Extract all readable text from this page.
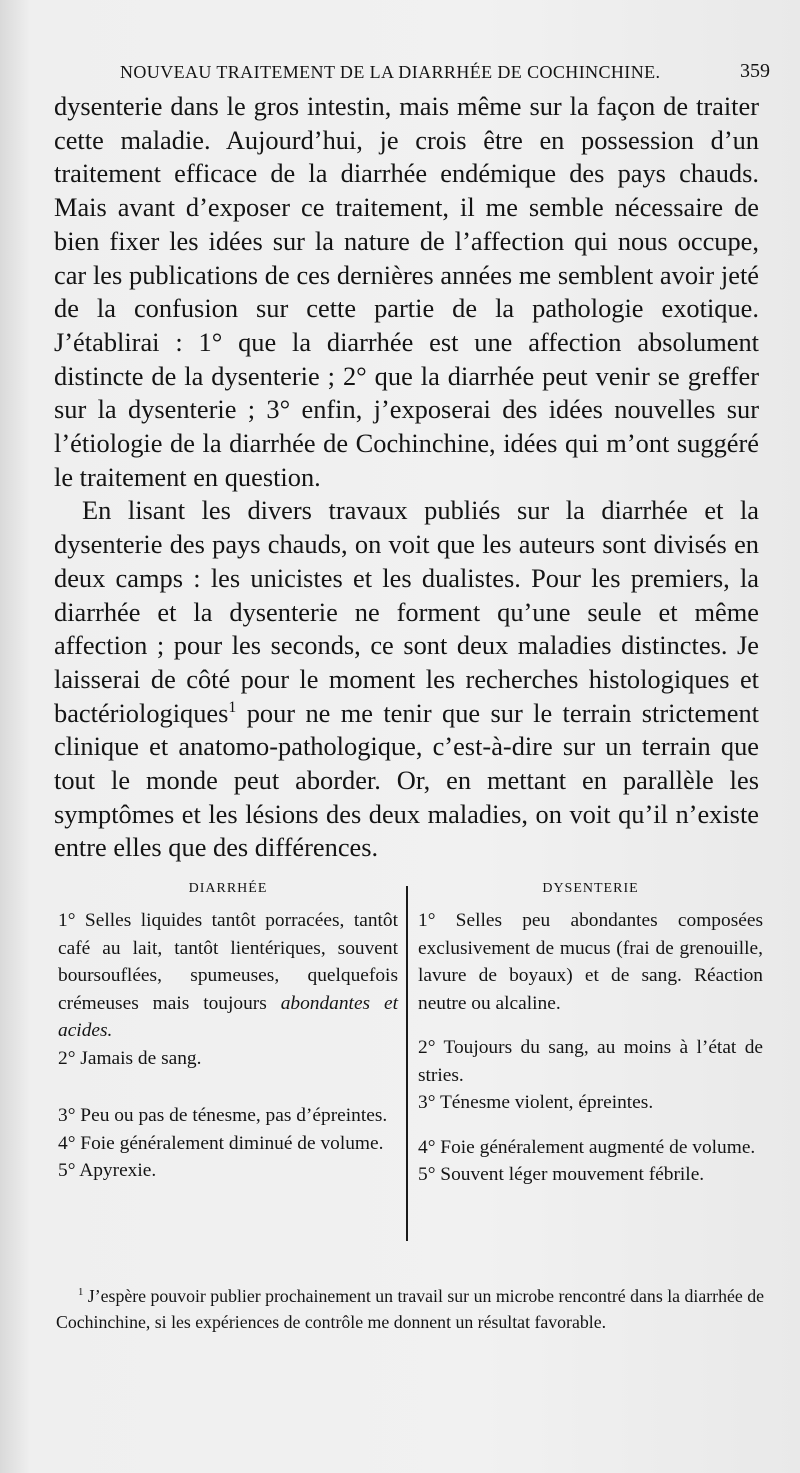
NOUVEAU TRAITEMENT DE LA DIARRHÉE DE COCHINCHINE.	359

dysenterie dans le gros intestin, mais même sur la façon de traiter cette maladie. Aujourd’hui, je crois être en possession d’un traitement efficace de la diarrhée endémique des pays chauds. Mais avant d’exposer ce traitement, il me semble nécessaire de bien fixer les idées sur la nature de l’affection qui nous occupe, car les publications de ces dernières années me semblent avoir jeté de la confusion sur cette partie de la pathologie exotique. J’établirai : 1° que la diarrhée est une affection absolument distincte de la dysenterie ; 2° que la diarrhée peut venir se greffer sur la dysenterie ; 3° enfin, j’exposerai des idées nouvelles sur l’étiologie de la diarrhée de Cochinchine, idées qui m’ont suggéré le traitement en question.

En lisant les divers travaux publiés sur la diarrhée et la dysenterie des pays chauds, on voit que les auteurs sont divisés en deux camps : les unicistes et les dualistes. Pour les premiers, la diarrhée et la dysenterie ne forment qu’une seule et même affection ; pour les seconds, ce sont deux maladies distinctes. Je laisserai de côté pour le moment les recherches histologiques et bactériologiques$^1$ pour ne me tenir que sur le terrain strictement clinique et anatomo-pathologique, c’est-à-dire sur un terrain que tout le monde peut aborder. Or, en mettant en parallèle les symptômes et les lésions des deux maladies, on voit qu’il n’existe entre elles que des différences.

DIARRHÉE

1° Selles liquides tantôt porracées, tantôt café au lait, tantôt lientériques, souvent boursouflées, spumeuses, quelquefois crémeuses mais toujours abondantes et acides.

2° Jamais de sang.

3° Peu ou pas de ténesme, pas d’épreintes.

4° Foie généralement diminué de volume.

5° Apyrexie.

DYSENTERIE

1° Selles peu abondantes composées exclusivement de mucus (frai de grenouille, lavure de boyaux) et de sang. Réaction neutre ou alcaline.

2° Toujours du sang, au moins à l’état de stries.

3° Ténesme violent, épreintes.

4° Foie généralement augmenté de volume.

5° Souvent léger mouvement fébrile.

$^1$ J’espère pouvoir publier prochainement un travail sur un microbe rencontré dans la diarrhée de Cochinchine, si les expériences de contrôle me donnent un résultat favorable.
